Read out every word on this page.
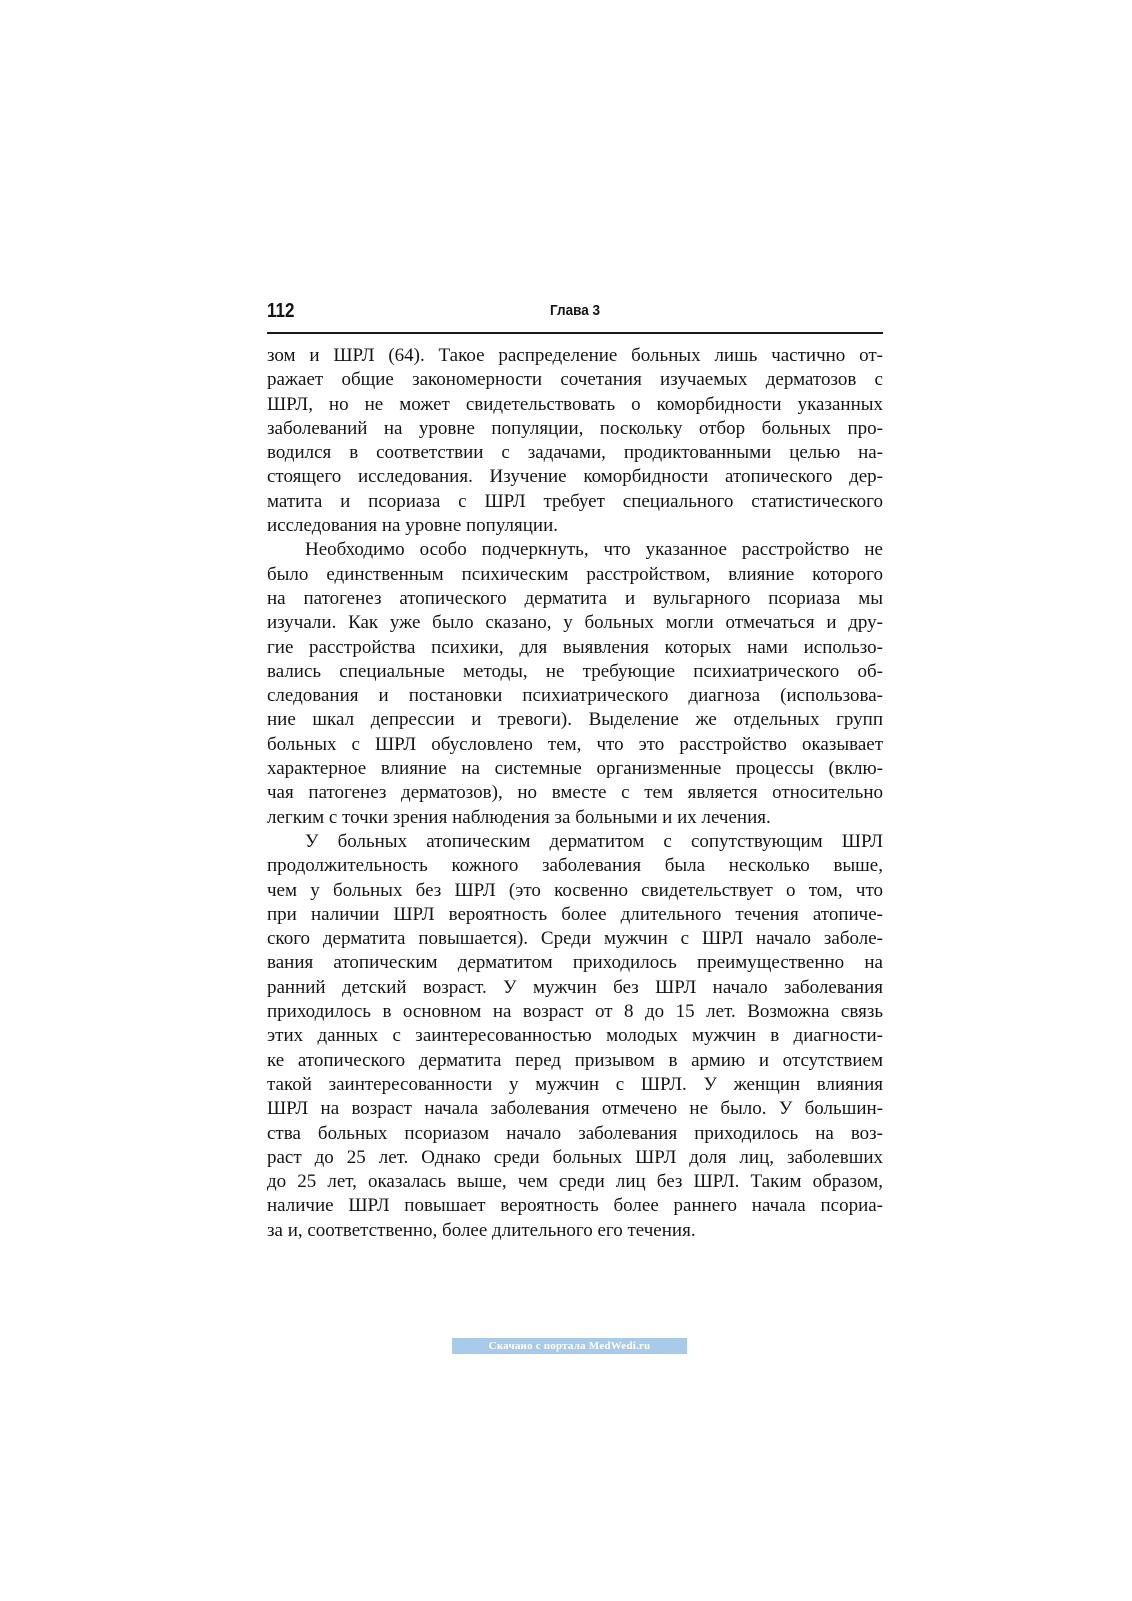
112	Глава 3
зом и ШРЛ (64). Такое распределение больных лишь частично от-
ражает общие закономерности сочетания изучаемых дерматозов с
ШРЛ, но не может свидетельствовать о коморбидности указанных
заболеваний на уровне популяции, поскольку отбор больных про-
водился в соответствии с задачами, продиктованными целью на-
стоящего исследования. Изучение коморбидности атопического дер-
матита и псориаза с ШРЛ требует специального статистического
исследования на уровне популяции.
Необходимо особо подчеркнуть, что указанное расстройство не
было единственным психическим расстройством, влияние которого
на патогенез атопического дерматита и вульгарного псориаза мы
изучали. Как уже было сказано, у больных могли отмечаться и дру-
гие расстройства психики, для выявления которых нами использо-
вались специальные методы, не требующие психиатрического об-
следования и постановки психиатрического диагноза (использова-
ние шкал депрессии и тревоги). Выделение же отдельных групп
больных с ШРЛ обусловлено тем, что это расстройство оказывает
характерное влияние на системные организменные процессы (вклю-
чая патогенез дерматозов), но вместе с тем является относительно
легким с точки зрения наблюдения за больными и их лечения.
У больных атопическим дерматитом с сопутствующим ШРЛ
продолжительность кожного заболевания была несколько выше,
чем у больных без ШРЛ (это косвенно свидетельствует о том, что
при наличии ШРЛ вероятность более длительного течения атопиче-
ского дерматита повышается). Среди мужчин с ШРЛ начало заболе-
вания атопическим дерматитом приходилось преимущественно на
ранний детский возраст. У мужчин без ШРЛ начало заболевания
приходилось в основном на возраст от 8 до 15 лет. Возможна связь
этих данных с заинтересованностью молодых мужчин в диагности-
ке атопического дерматита перед призывом в армию и отсутствием
такой заинтересованности у мужчин с ШРЛ. У женщин влияния
ШРЛ на возраст начала заболевания отмечено не было. У большин-
ства больных псориазом начало заболевания приходилось на воз-
раст до 25 лет. Однако среди больных ШРЛ доля лиц, заболевших
до 25 лет, оказалась выше, чем среди лиц без ШРЛ. Таким образом,
наличие ШРЛ повышает вероятность более раннего начала псориа-
за и, соответственно, более длительного его течения.
Скачано с портала MedWedi.ru
